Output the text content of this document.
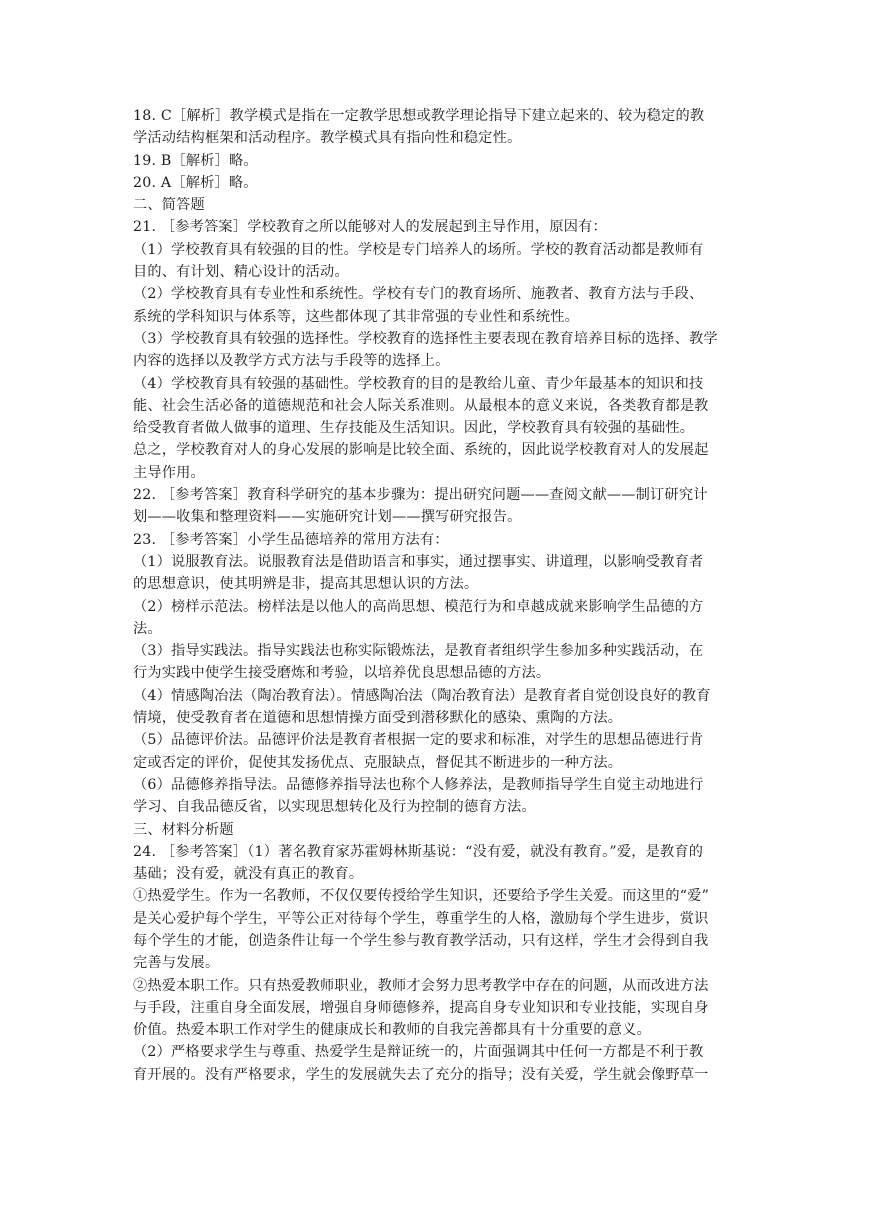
18. C［解析］教学模式是指在一定教学思想或教学理论指导下建立起来的、较为稳定的教
学活动结构框架和活动程序。教学模式具有指向性和稳定性。
19. B［解析］略。
20. A［解析］略。
二、简答题
21. ［参考答案］学校教育之所以能够对人的发展起到主导作用，原因有：
（1）学校教育具有较强的目的性。学校是专门培养人的场所。学校的教育活动都是教师有
目的、有计划、精心设计的活动。
（2）学校教育具有专业性和系统性。学校有专门的教育场所、施教者、教育方法与手段、
系统的学科知识与体系等，这些都体现了其非常强的专业性和系统性。
（3）学校教育具有较强的选择性。学校教育的选择性主要表现在教育培养目标的选择、教学
内容的选择以及教学方式方法与手段等的选择上。
（4）学校教育具有较强的基础性。学校教育的目的是教给儿童、青少年最基本的知识和技
能、社会生活必备的道德规范和社会人际关系准则。从最根本的意义来说，各类教育都是教
给受教育者做人做事的道理、生存技能及生活知识。因此，学校教育具有较强的基础性。
总之，学校教育对人的身心发展的影响是比较全面、系统的，因此说学校教育对人的发展起
主导作用。
22. ［参考答案］教育科学研究的基本步骤为：提出研究问题——查阅文献——制订研究计
划——收集和整理资料——实施研究计划——撰写研究报告。
23. ［参考答案］小学生品德培养的常用方法有：
（1）说服教育法。说服教育法是借助语言和事实，通过摆事实、讲道理，以影响受教育者
的思想意识，使其明辨是非，提高其思想认识的方法。
（2）榜样示范法。榜样法是以他人的高尚思想、模范行为和卓越成就来影响学生品德的方
法。
（3）指导实践法。指导实践法也称实际锻炼法，是教育者组织学生参加多种实践活动，在
行为实践中使学生接受磨炼和考验，以培养优良思想品德的方法。
（4）情感陶冶法（陶冶教育法）。情感陶冶法（陶冶教育法）是教育者自觉创设良好的教育
情境，使受教育者在道德和思想情操方面受到潜移默化的感染、熏陶的方法。
（5）品德评价法。品德评价法是教育者根据一定的要求和标准，对学生的思想品德进行肯
定或否定的评价，促使其发扬优点、克服缺点，督促其不断进步的一种方法。
（6）品德修养指导法。品德修养指导法也称个人修养法，是教师指导学生自觉主动地进行
学习、自我品德反省，以实现思想转化及行为控制的德育方法。
三、材料分析题
24. ［参考答案］（1）著名教育家苏霍姆林斯基说：“没有爱，就没有教育。”爱，是教育的
基础；没有爱，就没有真正的教育。
①热爱学生。作为一名教师，不仅仅要传授给学生知识，还要给予学生关爱。而这里的“爱”
是关心爱护每个学生，平等公正对待每个学生，尊重学生的人格，激励每个学生进步，赏识
每个学生的才能，创造条件让每一个学生参与教育教学活动，只有这样，学生才会得到自我
完善与发展。
②热爱本职工作。只有热爱教师职业，教师才会努力思考教学中存在的问题，从而改进方法
与手段，注重自身全面发展，增强自身师德修养，提高自身专业知识和专业技能，实现自身
价值。热爱本职工作对学生的健康成长和教师的自我完善都具有十分重要的意义。
（2）严格要求学生与尊重、热爱学生是辩证统一的，片面强调其中任何一方都是不利于教
育开展的。没有严格要求，学生的发展就失去了充分的指导；没有关爱，学生就会像野草一
